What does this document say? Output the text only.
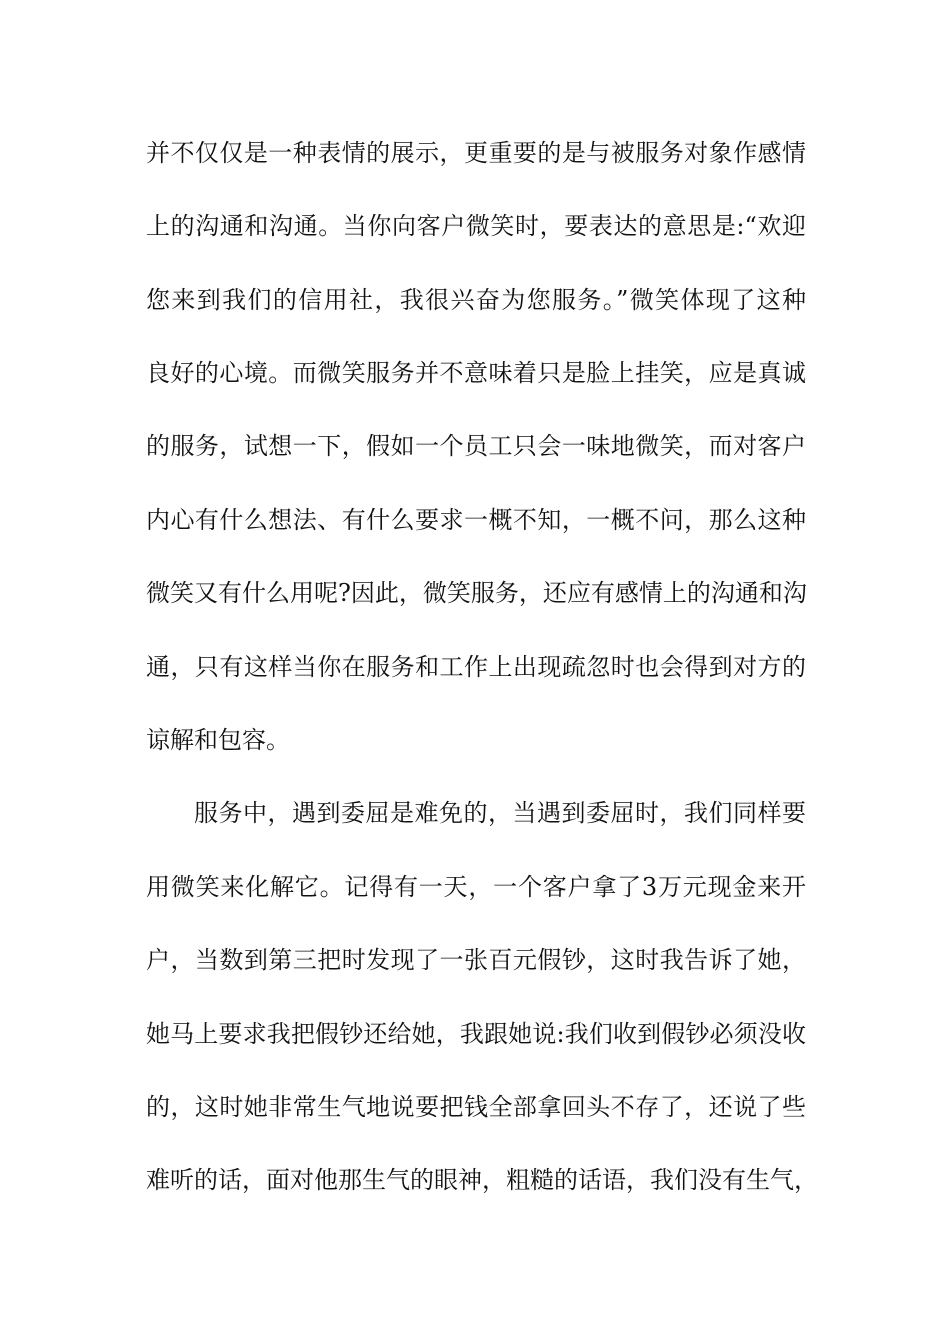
并不仅仅是一种表情的展示，更重要的是与被服务对象作感情

上的沟通和沟通。当你向客户微笑时，要表达的意思是:“欢迎

您来到我们的信用社，我很兴奋为您服务。”微笑体现了这种

良好的心境。而微笑服务并不意味着只是脸上挂笑，应是真诚

的服务，试想一下，假如一个员工只会一味地微笑，而对客户

内心有什么想法、有什么要求一概不知，一概不问，那么这种

微笑又有什么用呢?因此，微笑服务，还应有感情上的沟通和沟

通，只有这样当你在服务和工作上出现疏忽时也会得到对方的

谅解和包容。

服务中，遇到委屈是难免的，当遇到委屈时，我们同样要

用微笑来化解它。记得有一天，一个客户拿了3万元现金来开

户，当数到第三把时发现了一张百元假钞，这时我告诉了她，

她马上要求我把假钞还给她，我跟她说:我们收到假钞必须没收

的，这时她非常生气地说要把钱全部拿回头不存了，还说了些

难听的话，面对他那生气的眼神，粗糙的话语，我们没有生气，
